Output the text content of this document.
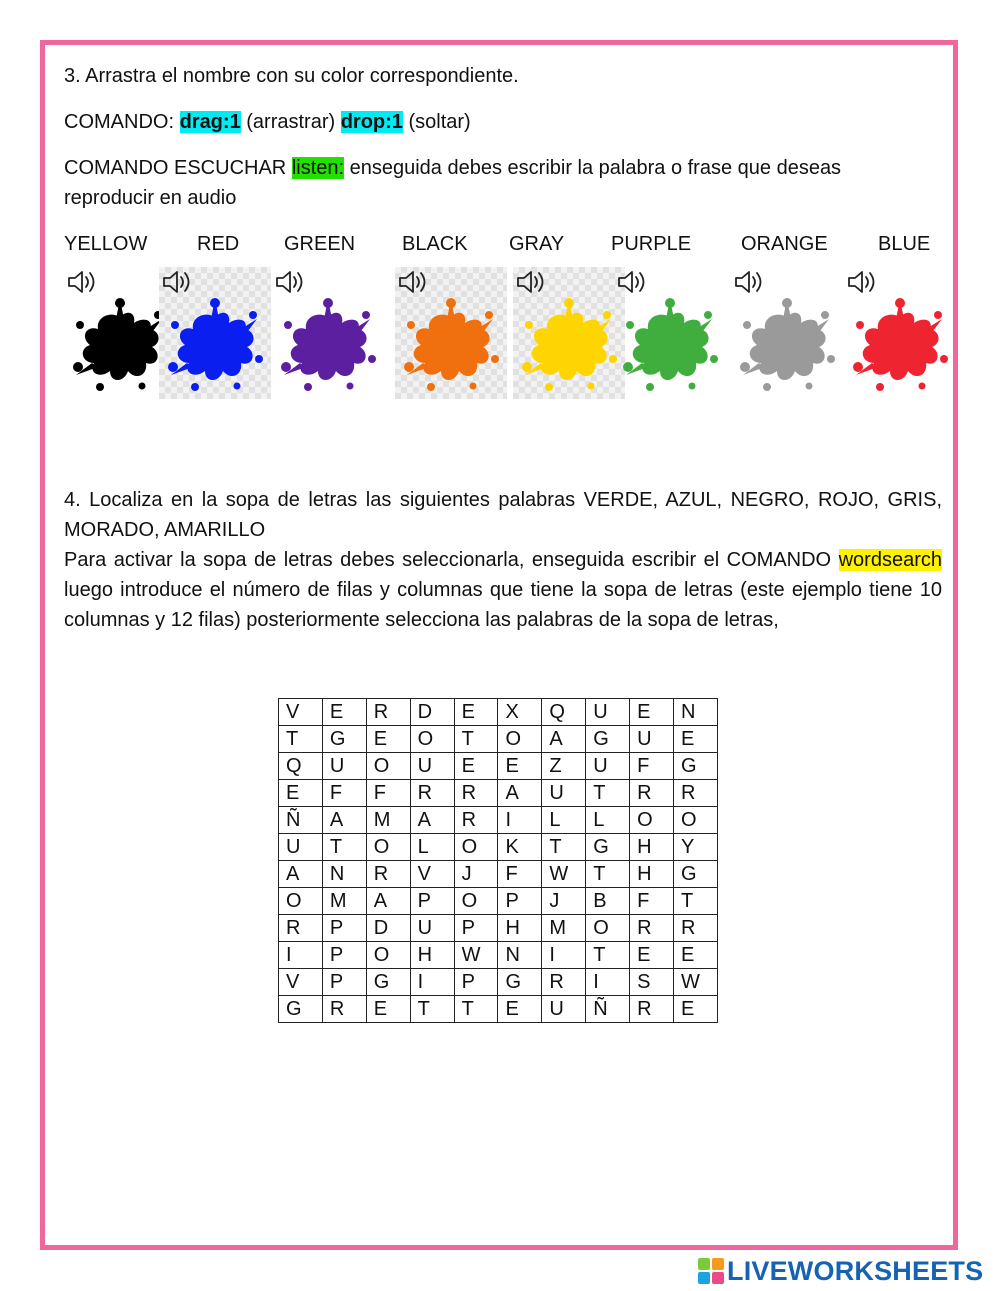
3. Arrastra el nombre con su color correspondiente.

COMANDO: drag:1 (arrastrar) drop:1 (soltar)

COMANDO ESCUCHAR listen: enseguida debes escribir la palabra o frase que deseas reproducir en audio

YELLOW RED GREEN BLACK GRAY PURPLE ORANGE	BLUE
4. Localiza en la sopa de letras las siguientes palabras VERDE, AZUL, NEGRO, ROJO, GRIS, MORADO, AMARILLO
Para activar la sopa de letras debes seleccionarla, enseguida escribir el COMANDO wordsearch luego introduce el número de filas y columnas que tiene la sopa de letras (este ejemplo tiene 10 columnas y 12 filas) posteriormente selecciona las palabras de la sopa de letras,
V	E	R	D	E	X	Q	U	E	N
T	G	E	O	T	O	A	G	U	E
Q	U	O	U	E	E	Z	U	F	G
E	F	F	R	R	A	U	T	R	R
Ñ	A	M	A	R	I	L	L	O	O
U	T	O	L	O	K	T	G	H	Y
A	N	R	V	J	F	W	T	H	G
O	M	A	P	O	P	J	B	F	T
R	P	D	U	P	H	M	O	R	R
I	P	O	H	W	N	I	T	E	E
V	P	G	I	P	G	R	I	S	W
G	R	E	T	T	E	U	Ñ	R	E
LIVEWORKSHEETS
